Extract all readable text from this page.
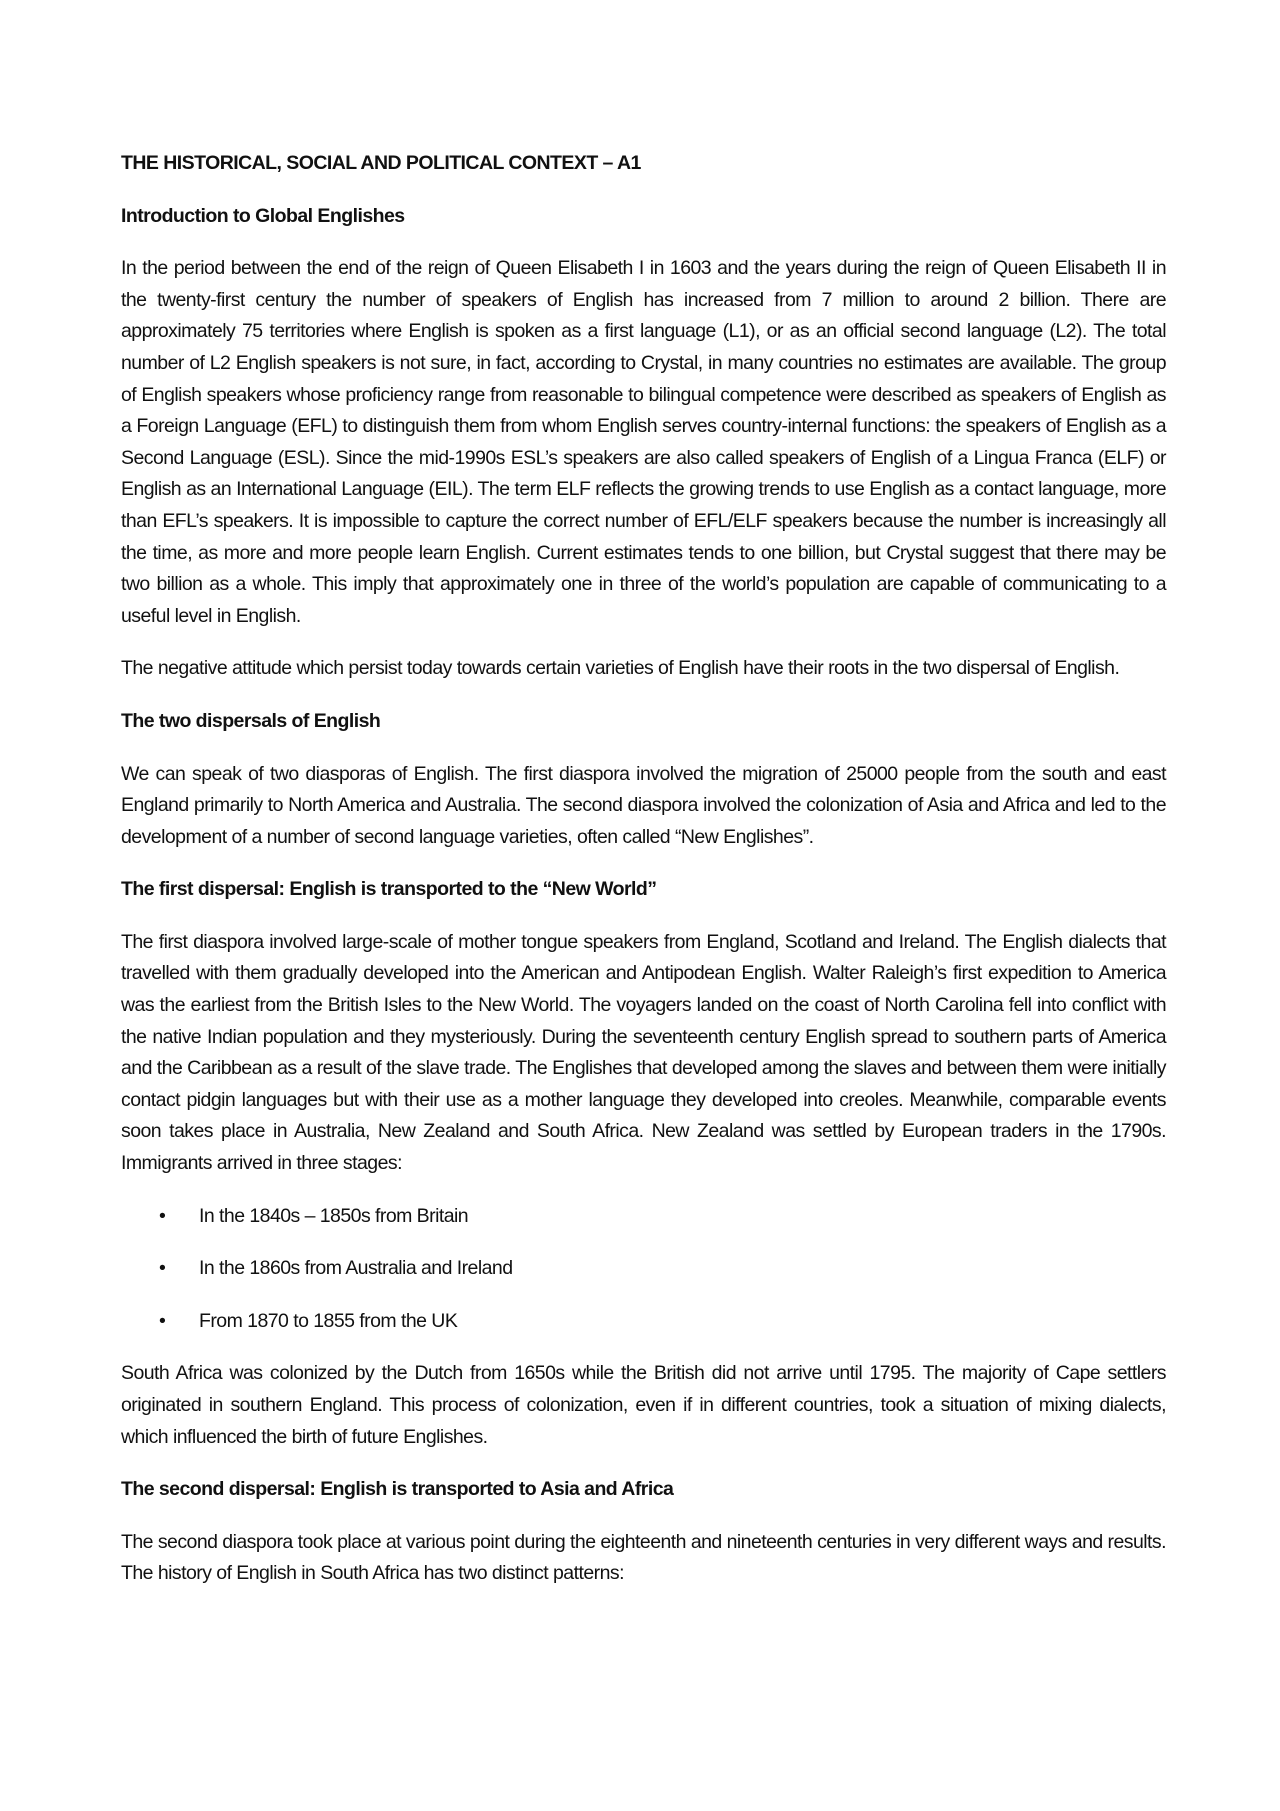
THE HISTORICAL, SOCIAL AND POLITICAL CONTEXT – A1
Introduction to Global Englishes

In the period between the end of the reign of Queen Elisabeth I in 1603 and the years during the reign of Queen Elisabeth II in the twenty-first century the number of speakers of English has increased from 7 million to around 2 billion. There are approximately 75 territories where English is spoken as a first language (L1), or as an official second language (L2). The total number of L2 English speakers is not sure, in fact, according to Crystal, in many countries no estimates are available. The group of English speakers whose proficiency range from reasonable to bilingual competence were described as speakers of English as a Foreign Language (EFL) to distinguish them from whom English serves country-internal functions: the speakers of English as a Second Language (ESL). Since the mid-1990s ESL’s speakers are also called speakers of English of a Lingua Franca (ELF) or English as an International Language (EIL). The term ELF reflects the growing trends to use English as a contact language, more than EFL’s speakers. It is impossible to capture the correct number of EFL/ELF speakers because the number is increasingly all the time, as more and more people learn English. Current estimates tends to one billion, but Crystal suggest that there may be two billion as a whole. This imply that approximately one in three of the world’s population are capable of communicating to a useful level in English.

The negative attitude which persist today towards certain varieties of English have their roots in the two dispersal of English.

The two dispersals of English

We can speak of two diasporas of English. The first diaspora involved the migration of 25000 people from the south and east England primarily to North America and Australia. The second diaspora involved the colonization of Asia and Africa and led to the development of a number of second language varieties, often called “New Englishes”.

The first dispersal: English is transported to the “New World”

The first diaspora involved large-scale of mother tongue speakers from England, Scotland and Ireland. The English dialects that travelled with them gradually developed into the American and Antipodean English. Walter Raleigh’s first expedition to America was the earliest from the British Isles to the New World. The voyagers landed on the coast of North Carolina fell into conflict with the native Indian population and they mysteriously. During the seventeenth century English spread to southern parts of America and the Caribbean as a result of the slave trade. The Englishes that developed among the slaves and between them were initially contact pidgin languages but with their use as a mother language they developed into creoles. Meanwhile, comparable events soon takes place in Australia, New Zealand and South Africa. New Zealand was settled by European traders in the 1790s. Immigrants arrived in three stages:

• In the 1840s – 1850s from Britain
• In the 1860s from Australia and Ireland
• From 1870 to 1855 from the UK

South Africa was colonized by the Dutch from 1650s while the British did not arrive until 1795. The majority of Cape settlers originated in southern England. This process of colonization, even if in different countries, took a situation of mixing dialects, which influenced the birth of future Englishes.

The second dispersal: English is transported to Asia and Africa

The second diaspora took place at various point during the eighteenth and nineteenth centuries in very different ways and results. The history of English in South Africa has two distinct patterns:
